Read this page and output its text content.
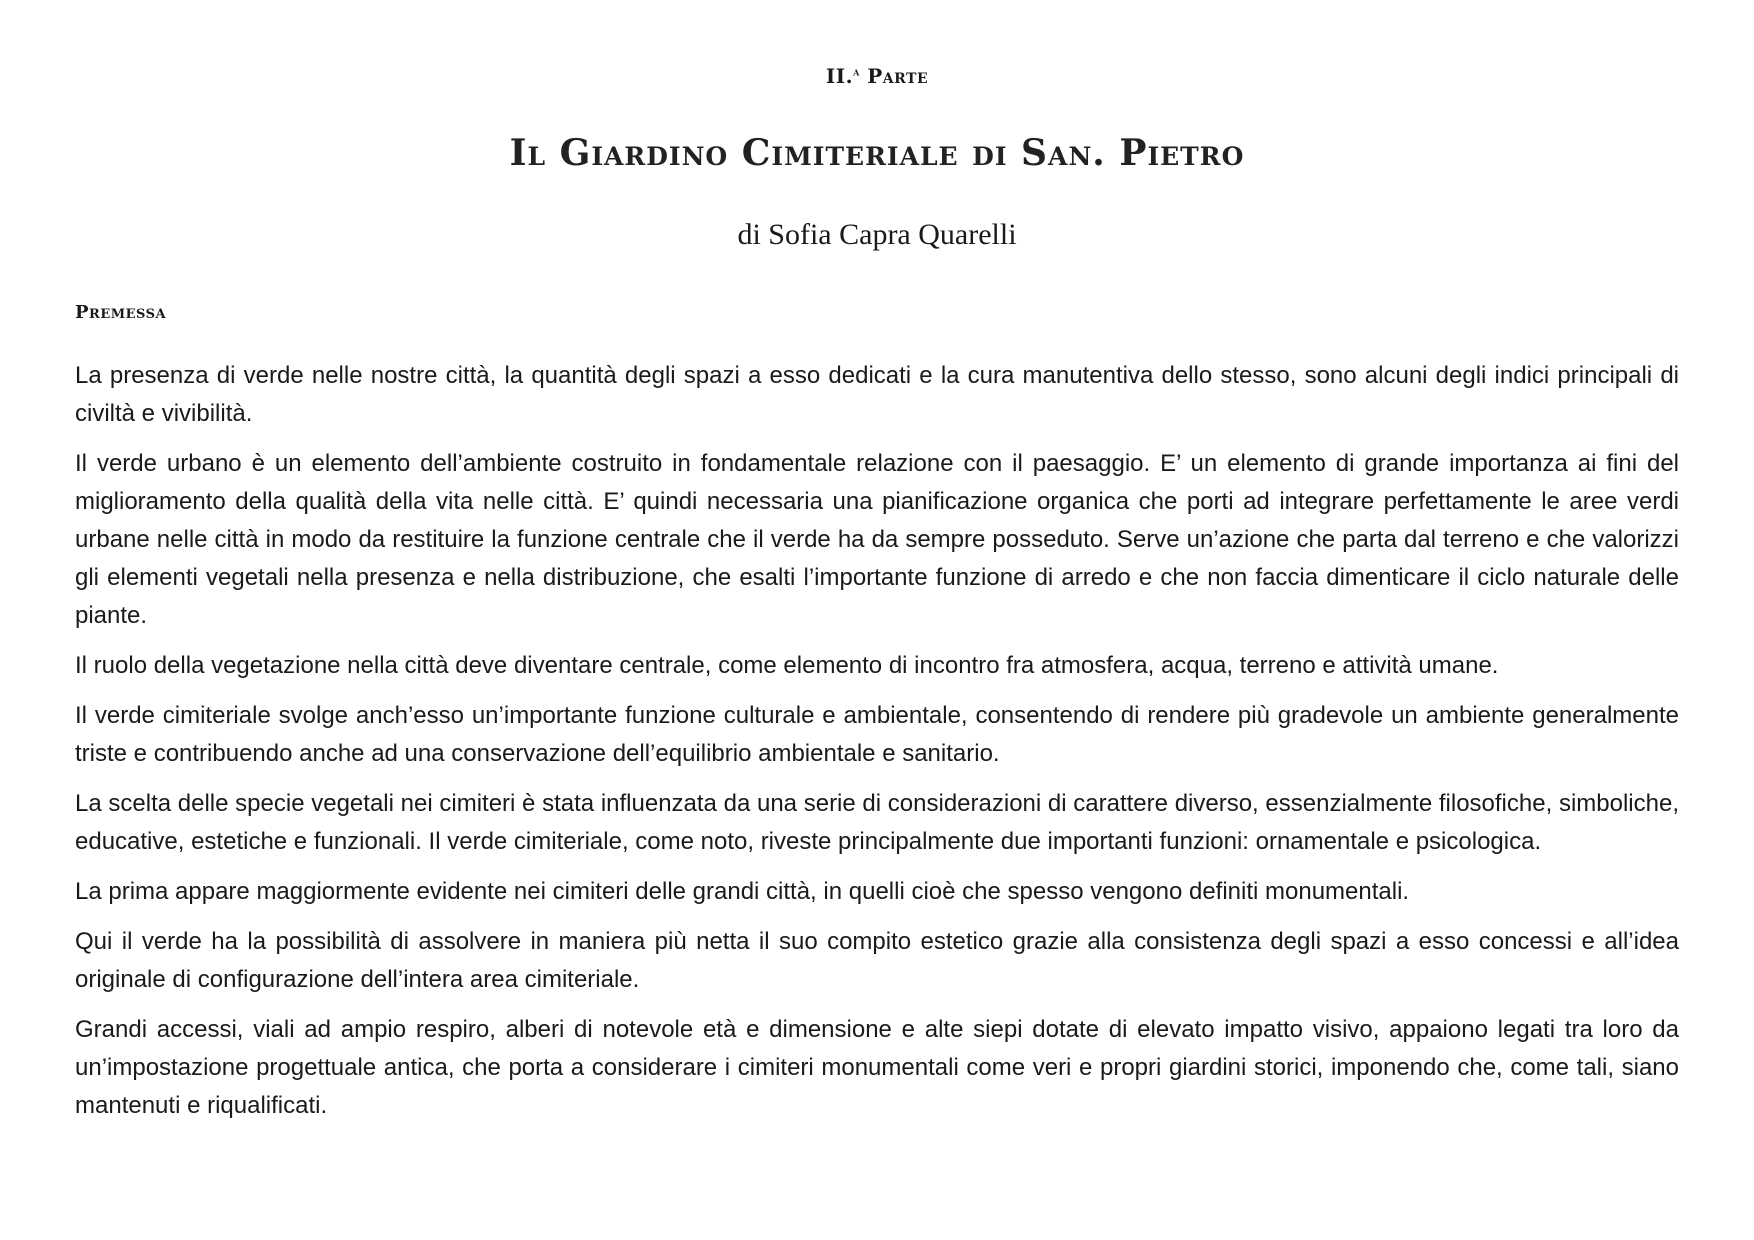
II.$^a$ Parte
Il Giardino Cimiteriale di San. Pietro
di Sofia Capra Quarelli
Premessa

La presenza di verde nelle nostre città, la quantità degli spazi a esso dedicati e la cura manutentiva dello stesso, sono alcuni degli indici principali di civiltà e vivibilità.

Il verde urbano è un elemento dell’ambiente costruito in fondamentale relazione con il paesaggio. E’ un elemento di grande importanza ai fini del miglioramento della qualità della vita nelle città. E’ quindi necessaria una pianificazione organica che porti ad integrare perfettamente le aree verdi urbane nelle città in modo da restituire la funzione centrale che il verde ha da sempre posseduto. Serve un’azione che parta dal terreno e che valorizzi gli elementi vegetali nella presenza e nella distribuzione, che esalti l’importante funzione di arredo e che non faccia dimenticare il ciclo naturale delle piante.

Il ruolo della vegetazione nella città deve diventare centrale, come elemento di incontro fra atmosfera, acqua, terreno e attività umane.

Il verde cimiteriale svolge anch’esso un’importante funzione culturale e ambientale, consentendo di rendere più gradevole un ambiente generalmente triste e contribuendo anche ad una conservazione dell’equilibrio ambientale e sanitario.

La scelta delle specie vegetali nei cimiteri è stata influenzata da una serie di considerazioni di carattere diverso, essenzialmente filosofiche, simboliche, educative, estetiche e funzionali. Il verde cimiteriale, come noto, riveste principalmente due importanti funzioni: ornamentale e psicologica.

La prima appare maggiormente evidente nei cimiteri delle grandi città, in quelli cioè che spesso vengono definiti monumentali.

Qui il verde ha la possibilità di assolvere in maniera più netta il suo compito estetico grazie alla consistenza degli spazi a esso concessi e all’idea originale di configurazione dell’intera area cimiteriale.

Grandi accessi, viali ad ampio respiro, alberi di notevole età e dimensione e alte siepi dotate di elevato impatto visivo, appaiono legati tra loro da un’impostazione progettuale antica, che porta a considerare i cimiteri monumentali come veri e propri giardini storici, imponendo che, come tali, siano mantenuti e riqualificati.
